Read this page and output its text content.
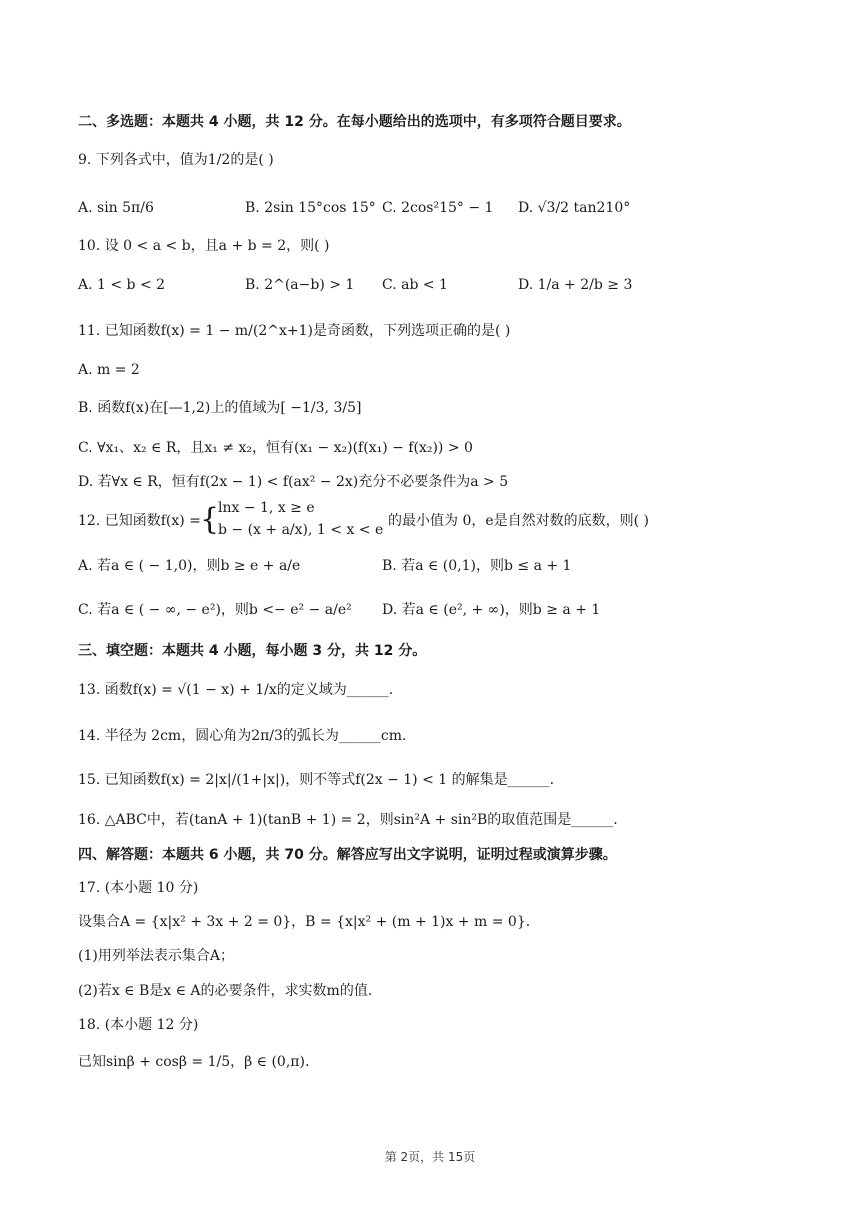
二、多选题：本题共 4 小题，共 12 分。在每小题给出的选项中，有多项符合题目要求。
9. 下列各式中，值为1/2的是( )
A. sin 5π/6	B. 2sin 15°cos 15° C. 2cos²15° − 1 D. √3/2 tan210°
10. 设 0 < a < b，且a + b = 2，则( )
A. 1 < b < 2	B. 2^(a−b) > 1 C. ab < 1	D. 1/a + 2/b ≥ 3
11. 已知函数f(x) = 1 − m/(2^x+1)是奇函数，下列选项正确的是( )
A. m = 2
B. 函数f(x)在[—1,2)上的值域为[ −1/3, 3/5]
C. ∀x₁、x₂ ∈ R，且x₁ ≠ x₂，恒有(x₁ − x₂)(f(x₁) − f(x₂)) > 0
D. 若∀x ∈ R，恒有f(2x − 1) < f(ax² − 2x)充分不必要条件为a > 5
12. 已知函数f(x) = {
lnx − 1, x ≥ e
b − (x + a/x), 1 < x < e
的最小值为 0，e是自然对数的底数，则( )
A. 若a ∈ ( − 1,0)，则b ≥ e + a/e	B. 若a ∈ (0,1)，则b ≤ a + 1
C. 若a ∈ ( − ∞, − e²)，则b <− e² − a/e² D. 若a ∈ (e², + ∞)，则b ≥ a + 1
三、填空题：本题共 4 小题，每小题 3 分，共 12 分。
13. 函数f(x) = √(1 − x) + 1/x的定义域为______.
14. 半径为 2cm，圆心角为2π/3的弧长为______cm.
15. 已知函数f(x) = 2|x|/(1+|x|)，则不等式f(2x − 1) < 1 的解集是______.
16. △ABC中，若(tanA + 1)(tanB + 1) = 2，则sin²A + sin²B的取值范围是______.
四、解答题：本题共 6 小题，共 70 分。解答应写出文字说明，证明过程或演算步骤。
17. (本小题 10 分)
设集合A = {x|x² + 3x + 2 = 0}，B = {x|x² + (m + 1)x + m = 0}.
(1)用列举法表示集合A；
(2)若x ∈ B是x ∈ A的必要条件，求实数m的值.
18. (本小题 12 分)
已知sinβ + cosβ = 1/5，β ∈ (0,π).
第 2页，共 15页
